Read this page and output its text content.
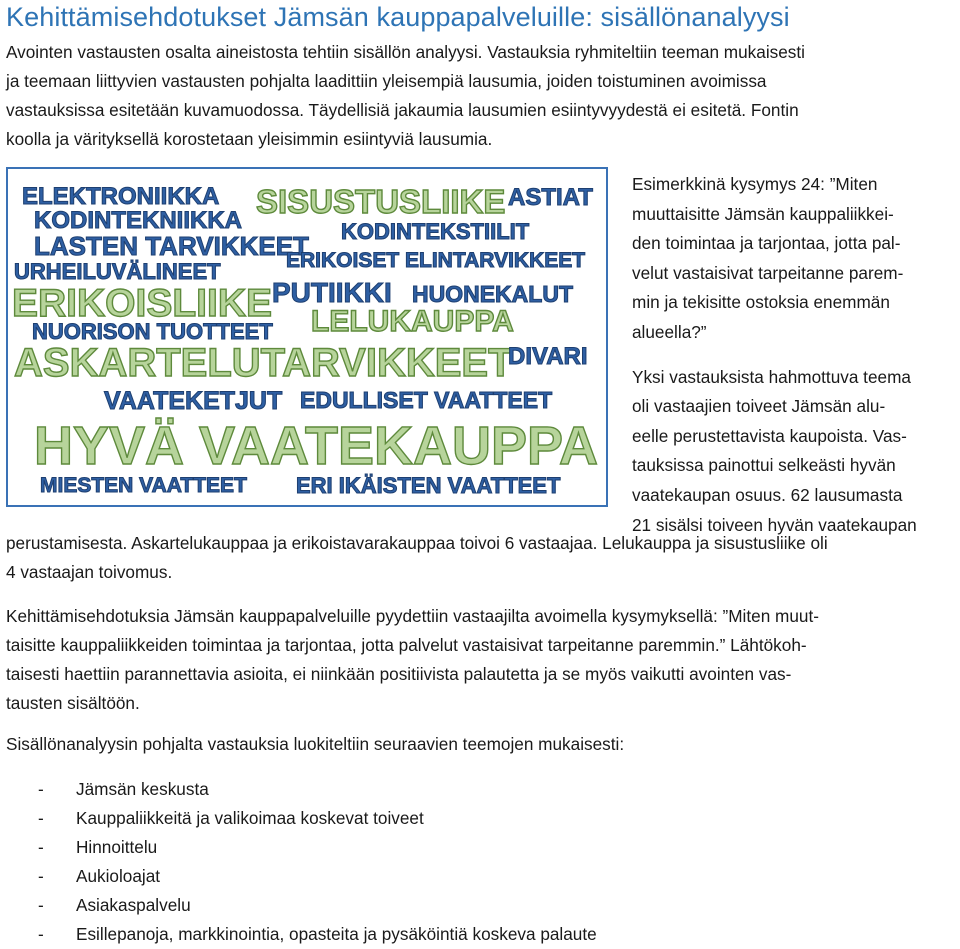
Kehittämisehdotukset Jämsän kauppapalveluille: sisällönanalyysi
Avointen vastausten osalta aineistosta tehtiin sisällön analyysi. Vastauksia ryhmiteltiin teeman mukaisesti
ja teemaan liittyvien vastausten pohjalta laadittiin yleisempiä lausumia, joiden toistuminen avoimissa
vastauksissa esitetään kuvamuodossa. Täydellisiä jakaumia lausumien esiintyvyydestä ei esitetä. Fontin
koolla ja värityksellä korostetaan yleisimmin esiintyviä lausumia.
ELEKTRONIIKKA SISUSTUSLIIKE ASTIAT
KODINTEKNIIKKA	KODINTEKSTIILIT
LASTEN TARVIKKEET
URHEILUVÄLINEET	ERIKOISET ELINTARVIKKEET
ERIKOISLIIKE PUTIIKKI HUONEKALUT
NUORISON TUOTTEET LELUKAUPPA
ASKARTELUTARVIKKEET
DIVARI
VAATEKETJUT EDULLISET VAATTEET
HYVÄ VAATEKAUPPA
MIESTEN VAATTEET ERI IKÄISTEN VAATTEET
Esimerkkinä kysymys 24: ”Miten
muuttaisitte Jämsän kauppaliikkei-
den toimintaa ja tarjontaa, jotta pal-
velut vastaisivat tarpeitanne parem-
min ja tekisitte ostoksia enemmän
alueella?”
Yksi vastauksista hahmottuva teema
oli vastaajien toiveet Jämsän alu-
eelle perustettavista kaupoista. Vas-
tauksissa painottui selkeästi hyvän
vaatekaupan osuus. 62 lausumasta
21 sisälsi toiveen hyvän vaatekaupan
perustamisesta. Askartelukauppaa ja erikoistavarakauppaa toivoi 6 vastaajaa. Lelukauppa ja sisustusliike oli
4 vastaajan toivomus.
Kehittämisehdotuksia Jämsän kauppapalveluille pyydettiin vastaajilta avoimella kysymyksellä: ”Miten muut-
taisitte kauppaliikkeiden toimintaa ja tarjontaa, jotta palvelut vastaisivat tarpeitanne paremmin.” Lähtökoh-
taisesti haettiin parannettavia asioita, ei niinkään positiivista palautetta ja se myös vaikutti avointen vas-
tausten sisältöön.
Sisällönanalyysin pohjalta vastauksia luokiteltiin seuraavien teemojen mukaisesti:
- Jämsän keskusta
- Kauppaliikkeitä ja valikoimaa koskevat toiveet
- Hinnoittelu
- Aukioloajat
- Asiakaspalvelu
- Esillepanoja, markkinointia, opasteita ja pysäköintiä koskeva palaute
